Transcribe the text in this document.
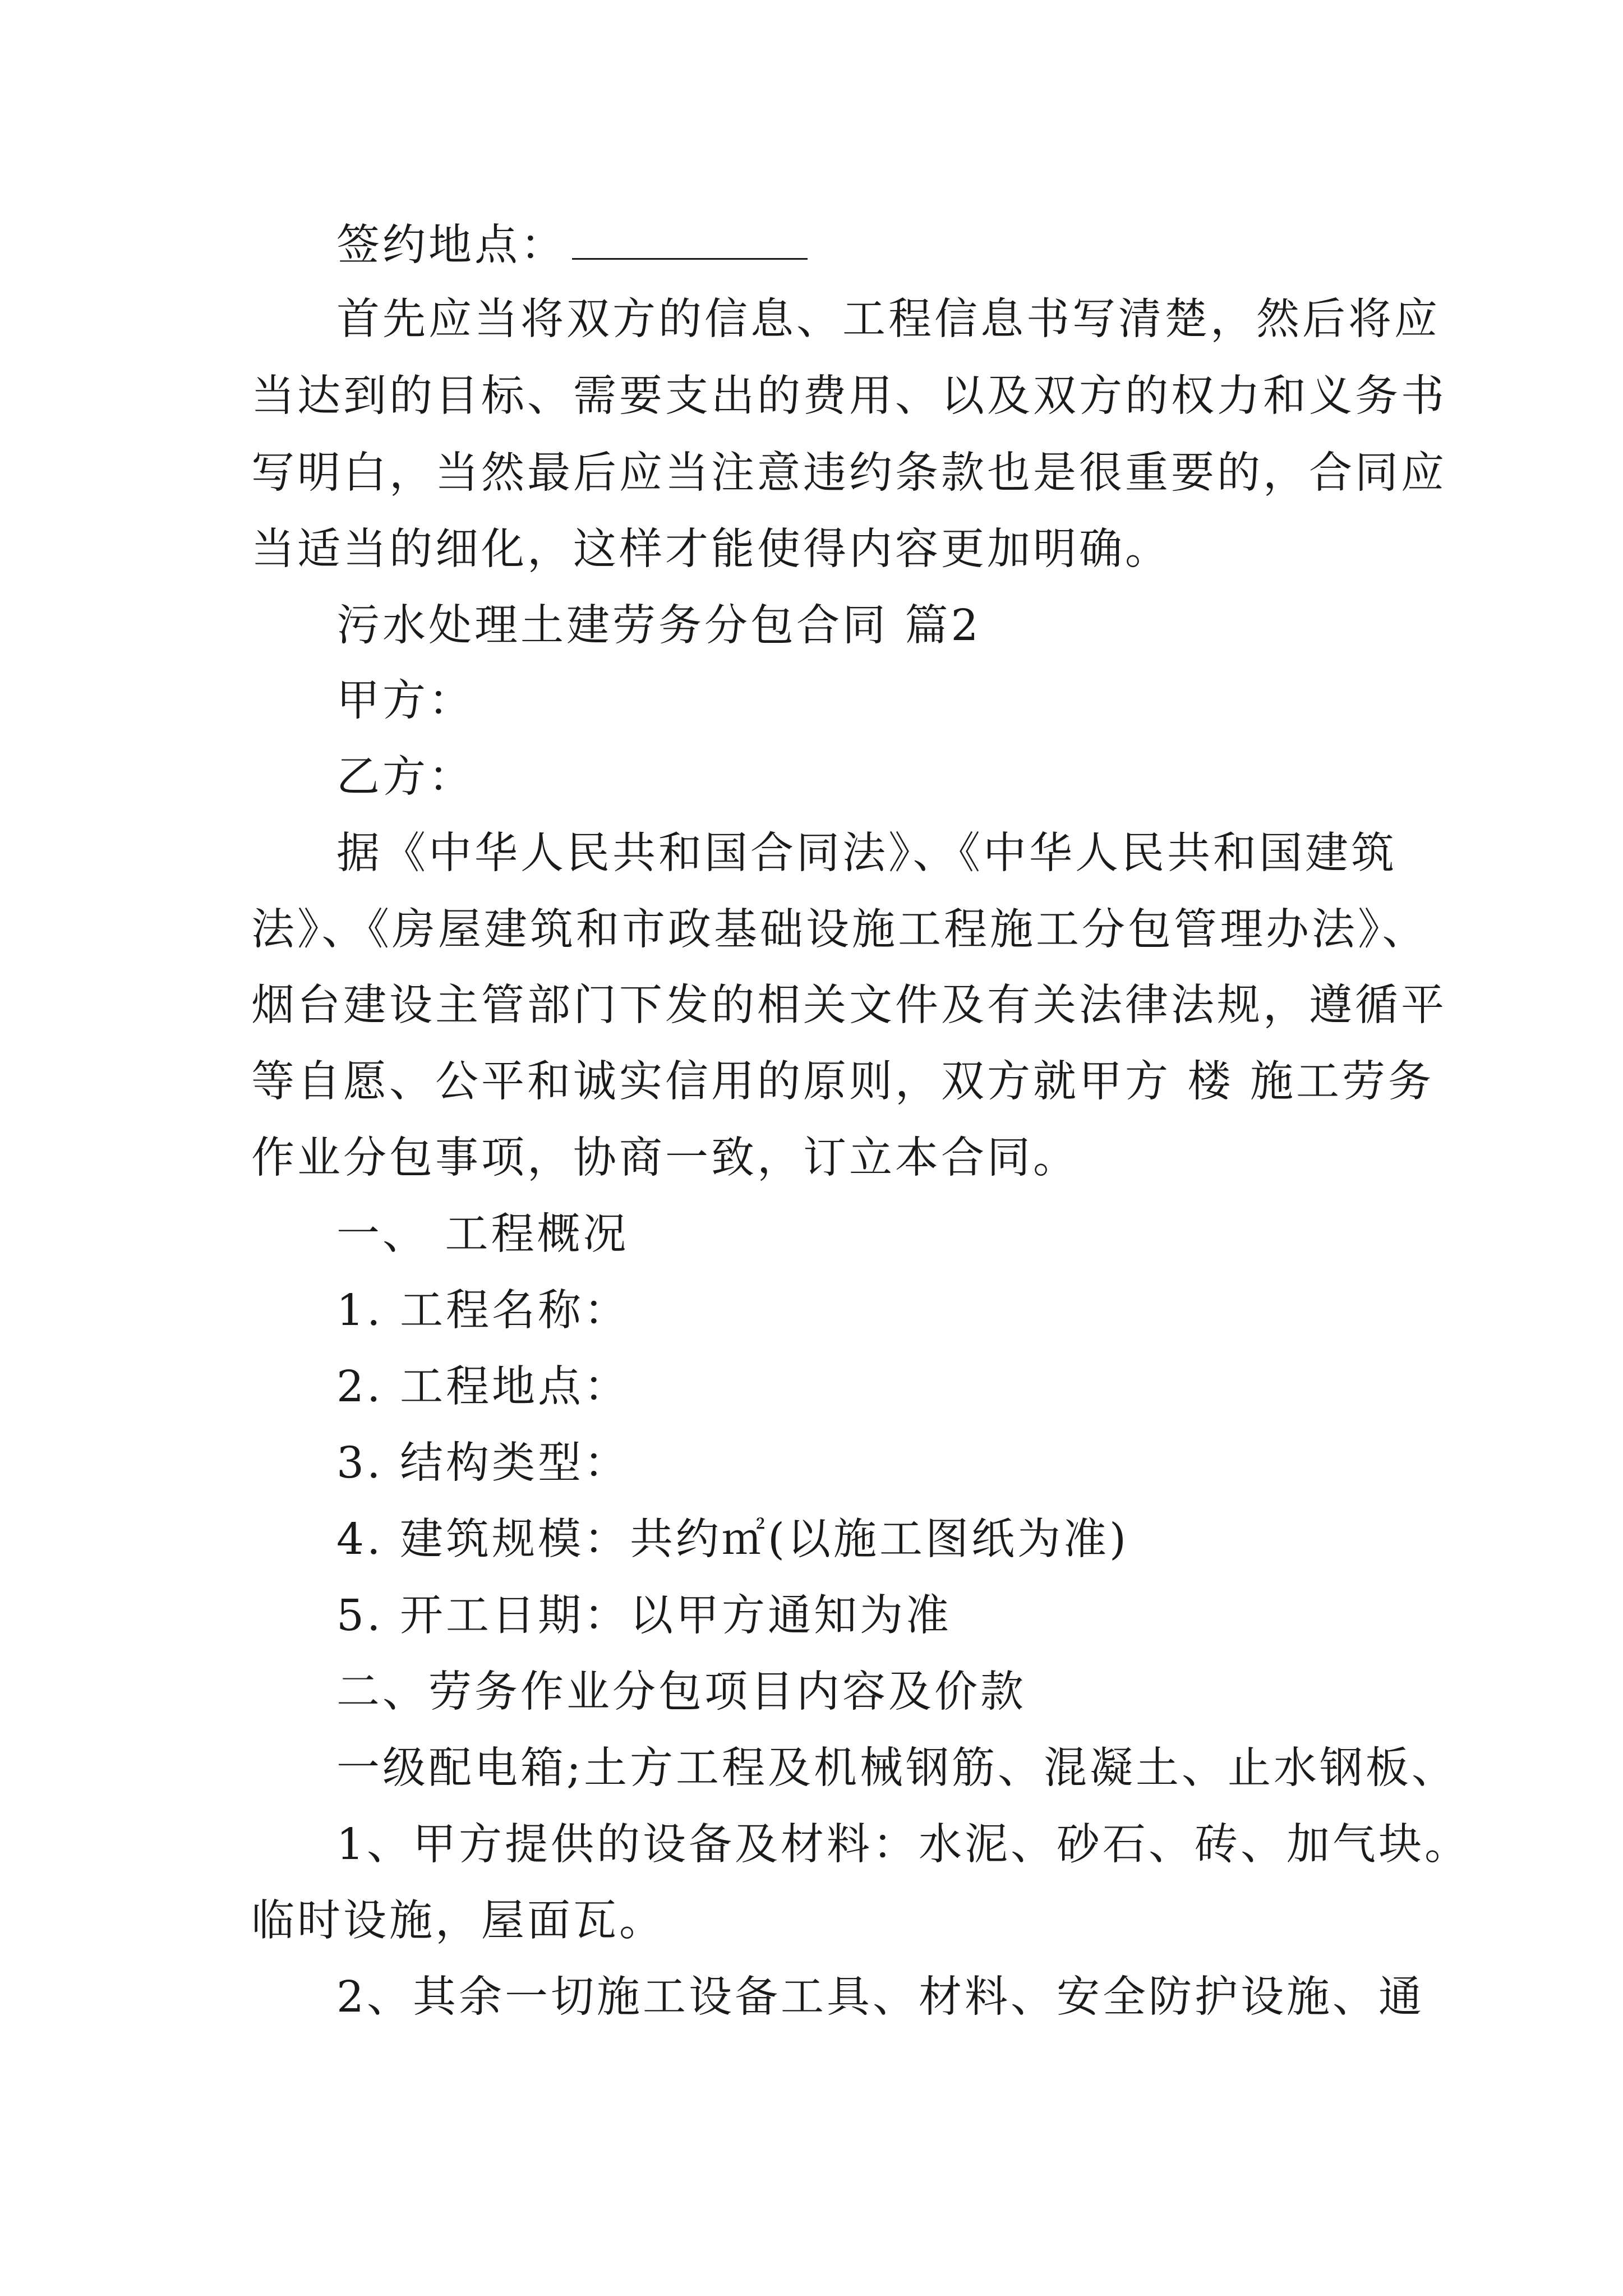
签约地点：
首先应当将双方的信息、工程信息书写清楚，然后将应
当达到的目标、需要支出的费用、以及双方的权力和义务书
写明白，当然最后应当注意违约条款也是很重要的，合同应
当适当的细化，这样才能使得内容更加明确。
污水处理土建劳务分包合同 篇2
甲方：
乙方：
据《中华人民共和国合同法》、《中华人民共和国建筑
法》、《房屋建筑和市政基础设施工程施工分包管理办法》、
烟台建设主管部门下发的相关文件及有关法律法规，遵循平
等自愿、公平和诚实信用的原则，双方就甲方 楼 施工劳务
作业分包事项，协商一致，订立本合同。
一、 工程概况
1. 工程名称：
2. 工程地点：
3. 结构类型：
4. 建筑规模：共约㎡(以施工图纸为准)
5. 开工日期：以甲方通知为准
二、劳务作业分包项目内容及价款
一级配电箱;土方工程及机械钢筋、混凝土、止水钢板、
1、甲方提供的设备及材料：水泥、砂石、砖、加气块。
临时设施，屋面瓦。
2、其余一切施工设备工具、材料、安全防护设施、通
